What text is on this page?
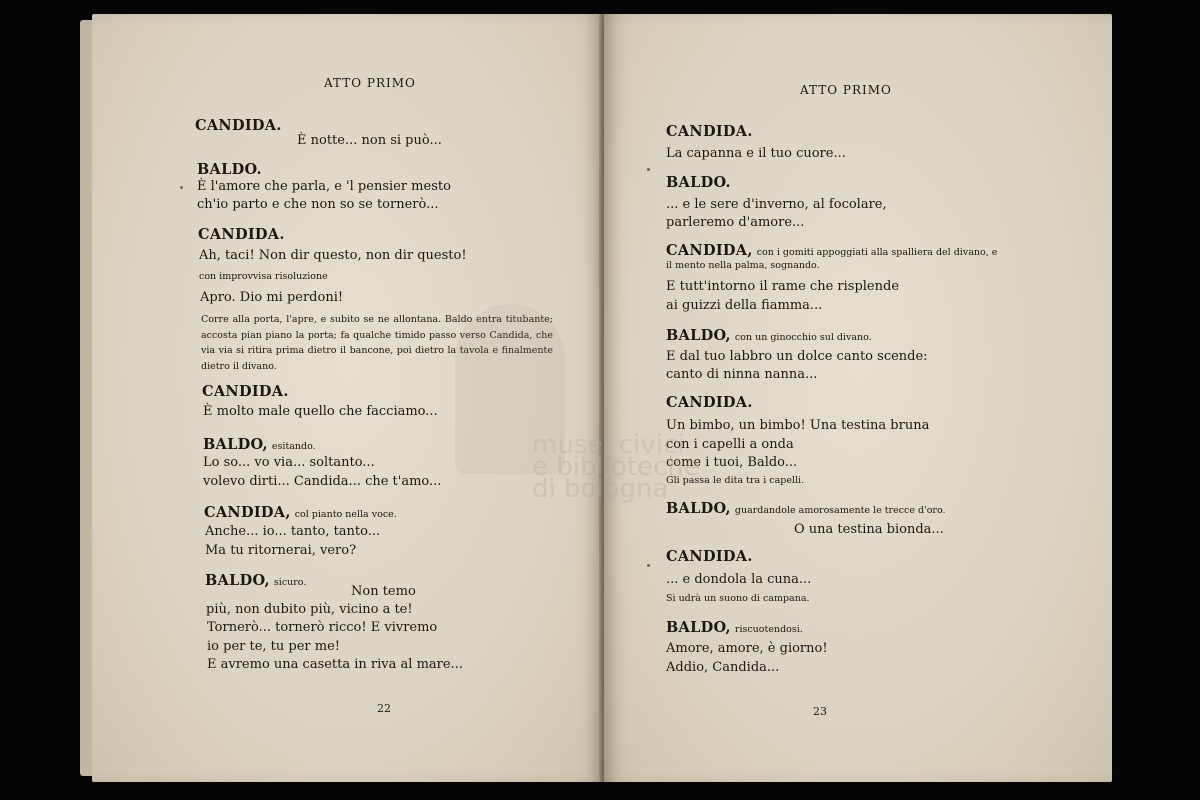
ATTO PRIMO
CANDIDA.
È notte... non si può...
BALDO.
È l'amore che parla, e 'l pensier mesto
ch'io parto e che non so se tornerò...
CANDIDA.
Ah, taci! Non dir questo, non dir questo!
con improvvisa risoluzione
Apro. Dio mi perdoni!
Corre alla porta, l'apre, e subito se ne allontana. Baldo entra titubante; accosta pian piano la porta; fa qualche timido passo verso Candida, che via via si ritira prima dietro il bancone, poi dietro la tavola e finalmente dietro il divano.
CANDIDA.
È molto male quello che facciamo...
BALDO, esitando.
Lo so... vo via... soltanto...
volevo dirti... Candida... che t'amo...
CANDIDA, col pianto nella voce.
Anche... io... tanto, tanto...
Ma tu ritornerai, vero?
BALDO, sicuro.
Non temo
più, non dubito più, vicino a te!
Tornerò... tornerò ricco! E vivremo
io per te, tu per me!
E avremo una casetta in riva al mare...
22
ATTO PRIMO
CANDIDA.
La capanna e il tuo cuore...
BALDO.
... e le sere d'inverno, al focolare,
parleremo d'amore...
CANDIDA, con i gomiti appoggiati alla spalliera del divano, e
il mento nella palma, sognando.
E tutt'intorno il rame che risplende
ai guizzi della fiamma...
BALDO, con un ginocchio sul divano.
E dal tuo labbro un dolce canto scende:
canto di ninna nanna...
CANDIDA.
Un bimbo, un bimbo! Una testina bruna
con i capelli a onda
come i tuoi, Baldo...
Gli passa le dita tra i capelli.
BALDO, guardandole amorosamente le trecce d'oro.
O una testina bionda...
CANDIDA.
... e dondola la cuna...
Si udrà un suono di campana.
BALDO, riscuotendosi.
Amore, amore, è giorno!
Addio, Candida...
23
musei civici
e biblioteche
di bologna
